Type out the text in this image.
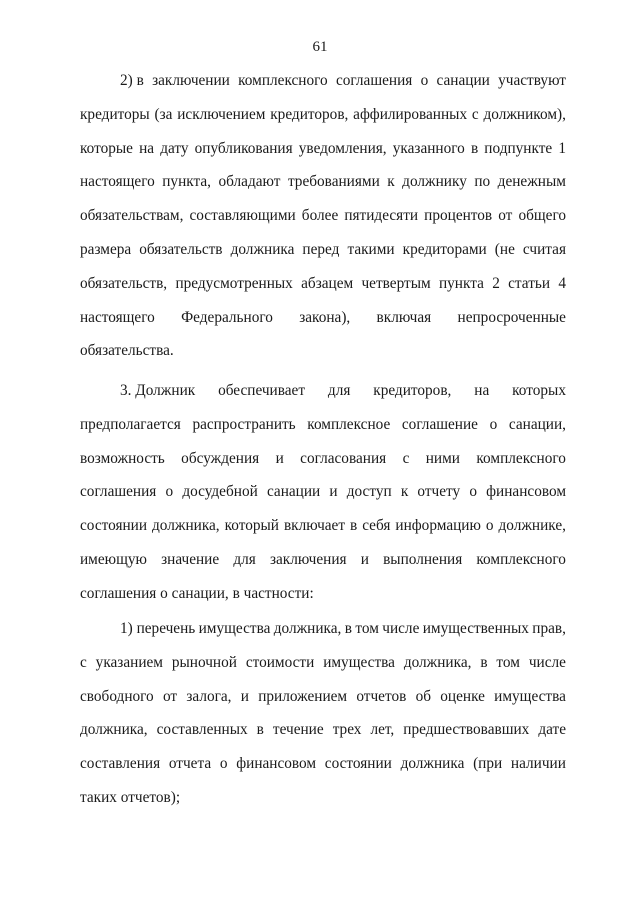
61
2) в заключении комплексного соглашения о санации участвуют
кредиторы (за исключением кредиторов, аффилированных с должником),
которые на дату опубликования уведомления, указанного в подпункте 1
настоящего пункта, обладают требованиями к должнику по денежным
обязательствам, составляющими более пятидесяти процентов от общего
размера обязательств должника перед такими кредиторами (не считая
обязательств, предусмотренных абзацем четвертым пункта 2 статьи 4
настоящего Федерального закона), включая непросроченные
обязательства.
3. Должник обеспечивает для кредиторов, на которых
предполагается распространить комплексное соглашение о санации,
возможность обсуждения и согласования с ними комплексного
соглашения о досудебной санации и доступ к отчету о финансовом
состоянии должника, который включает в себя информацию о должнике,
имеющую значение для заключения и выполнения комплексного
соглашения о санации, в частности:
1) перечень имущества должника, в том числе имущественных прав,
с указанием рыночной стоимости имущества должника, в том числе
свободного от залога, и приложением отчетов об оценке имущества
должника, составленных в течение трех лет, предшествовавших дате
составления отчета о финансовом состоянии должника (при наличии
таких отчетов);
